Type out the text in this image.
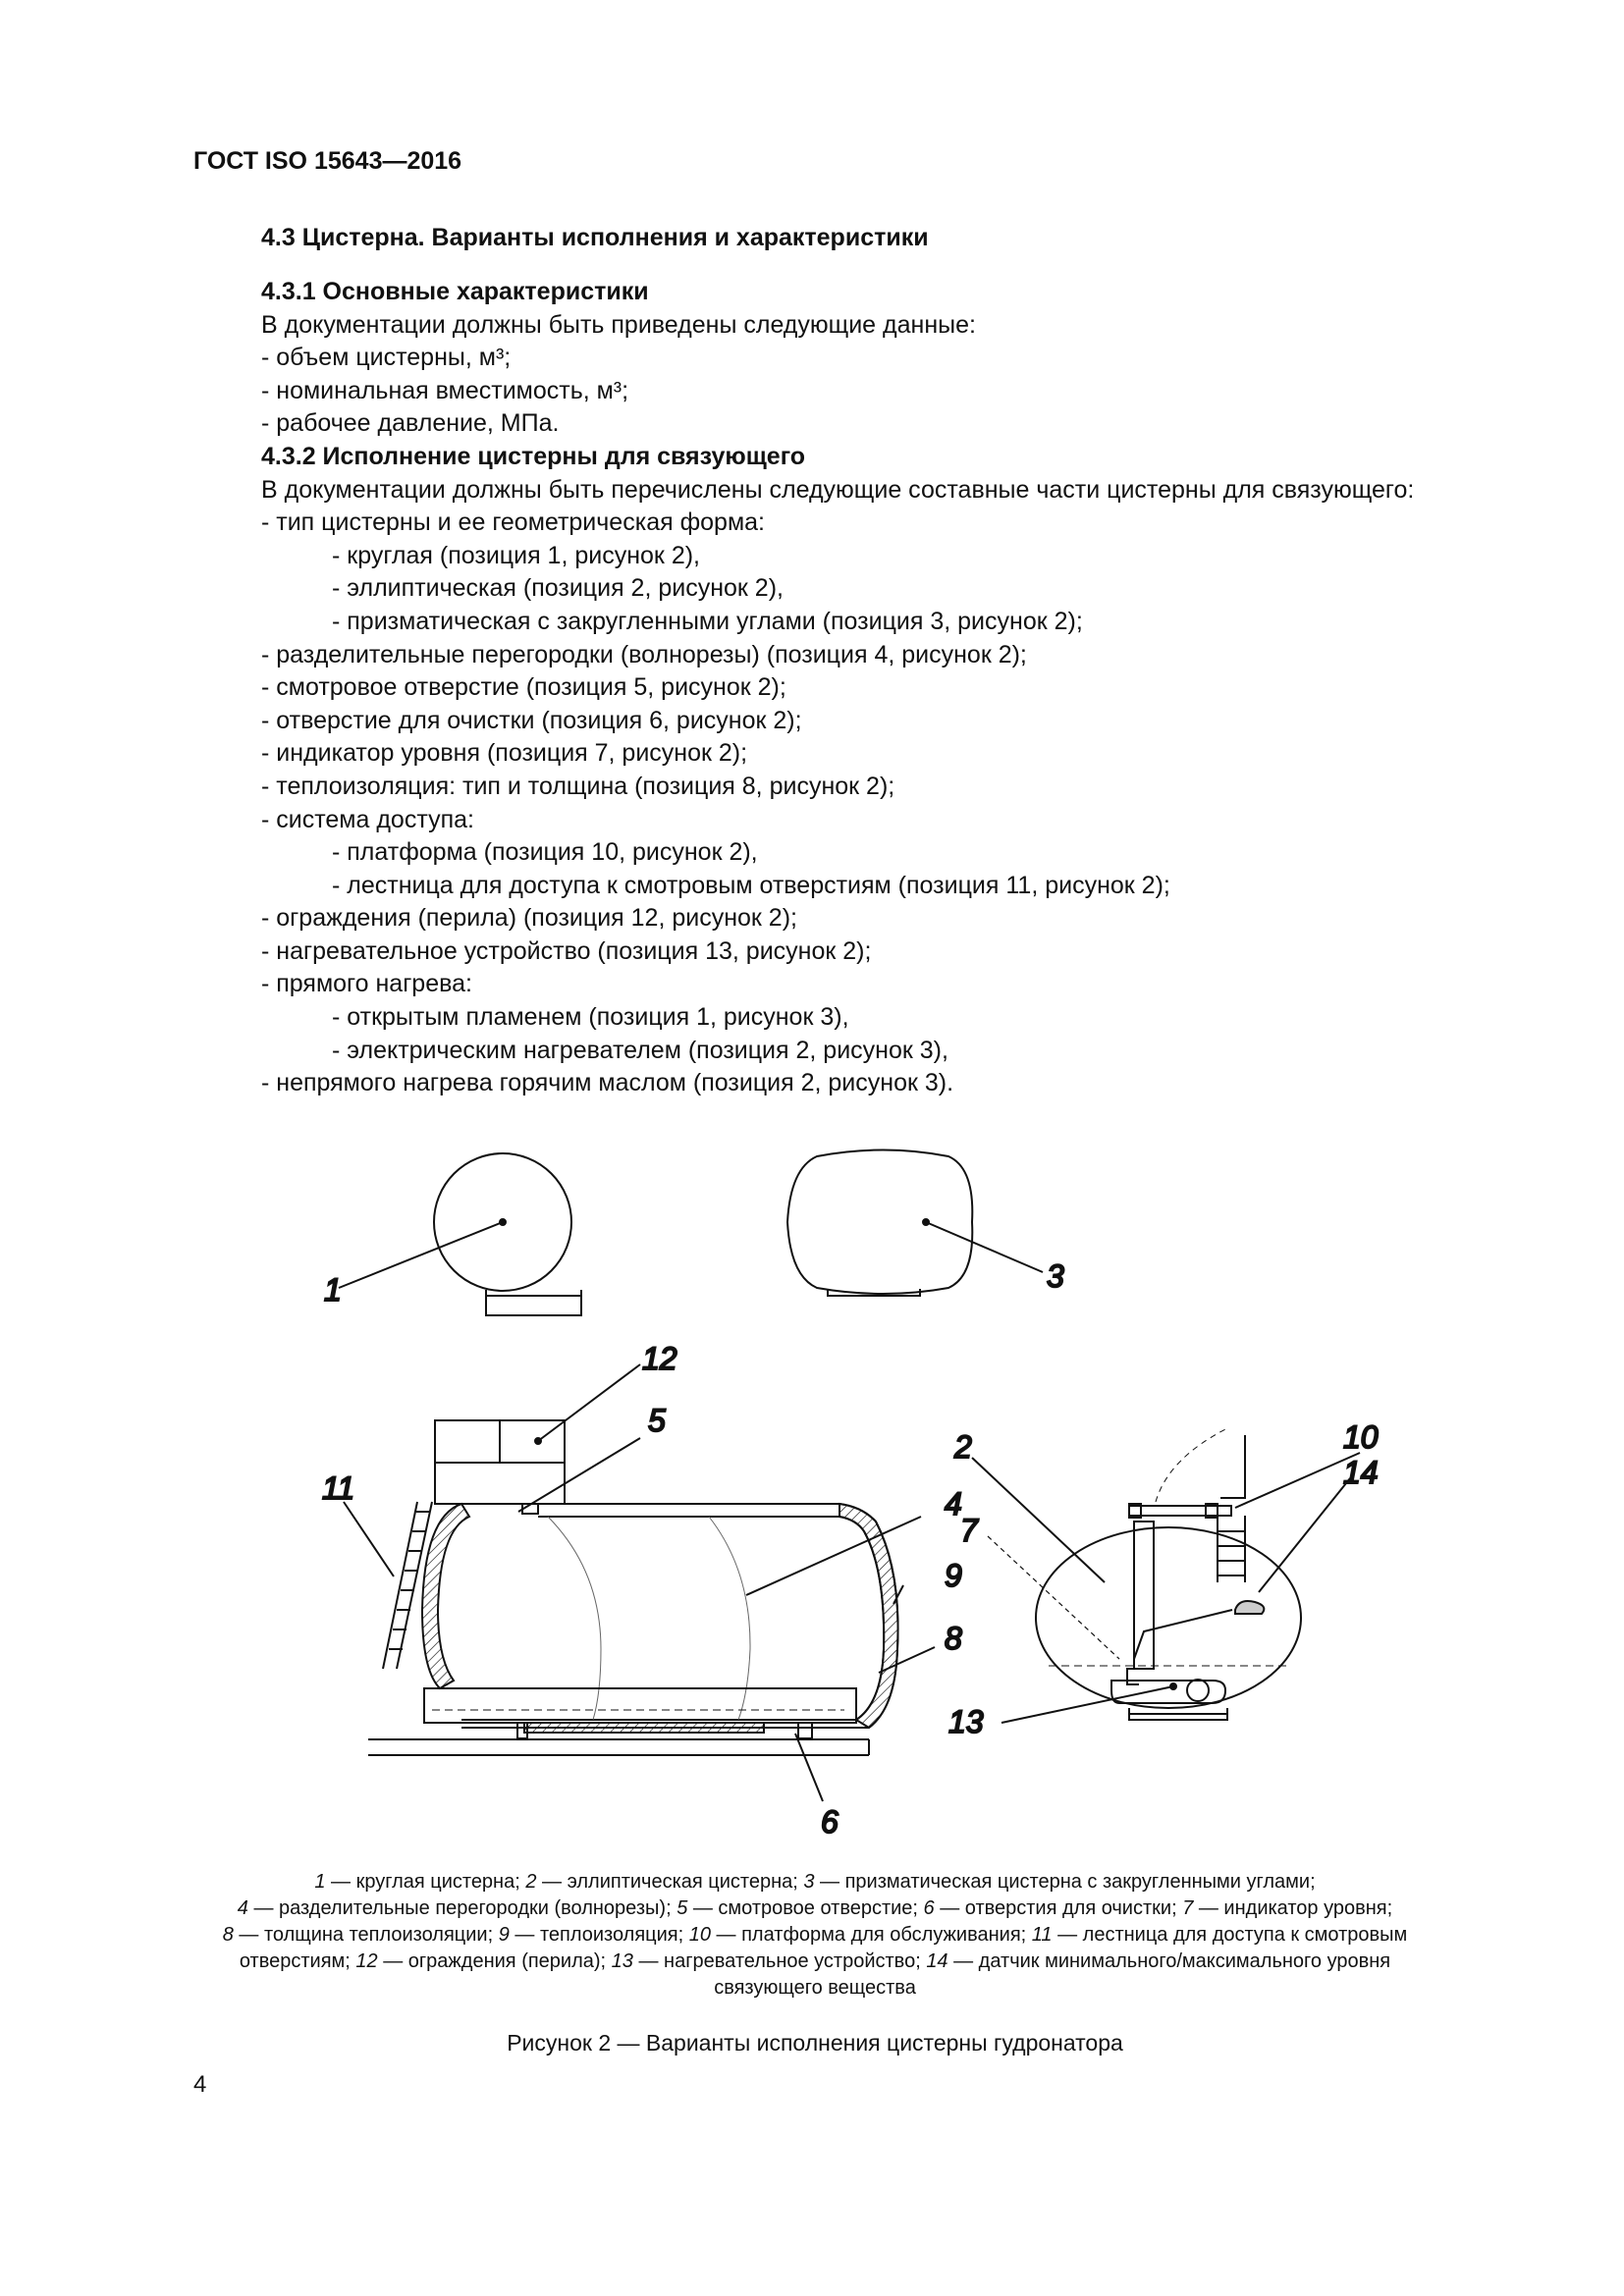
ГОСТ ISO 15643—2016
4.3 Цистерна. Варианты исполнения и характеристики
4.3.1 Основные характеристики
В документации должны быть приведены следующие данные:
- объем цистерны, м³;
- номинальная вместимость, м³;
- рабочее давление, МПа.
4.3.2 Исполнение цистерны для связующего
В документации должны быть перечислены следующие составные части цистерны для связующего:
- тип цистерны и ее геометрическая форма:
- круглая (позиция 1, рисунок 2),
- эллиптическая (позиция 2, рисунок 2),
- призматическая с закругленными углами (позиция 3, рисунок 2);
- разделительные перегородки (волнорезы) (позиция 4, рисунок 2);
- смотровое отверстие (позиция 5, рисунок 2);
- отверстие для очистки (позиция 6, рисунок 2);
- индикатор уровня (позиция 7, рисунок 2);
- теплоизоляция: тип и толщина (позиция 8, рисунок 2);
- система доступа:
- платформа (позиция 10, рисунок 2),
- лестница для доступа к смотровым отверстиям (позиция 11, рисунок 2);
- ограждения (перила) (позиция 12, рисунок 2);
- нагревательное устройство (позиция 13, рисунок 2);
- прямого нагрева:
- открытым пламенем (позиция 1, рисунок 3),
- электрическим нагревателем (позиция 2, рисунок 3),
- непрямого нагрева горячим маслом (позиция 2, рисунок 3).
1	3
12
5
11	4
9
8
6
2	10
14
7
13
1 — круглая цистерна; 2 — эллиптическая цистерна; 3 — призматическая цистерна с закругленными углами;
4 — разделительные перегородки (волнорезы); 5 — смотровое отверстие; 6 — отверстия для очистки; 7 — индикатор уровня;
8 — толщина теплоизоляции; 9 — теплоизоляция; 10 — платформа для обслуживания; 11 — лестница для доступа к смотровым
отверстиям; 12 — ограждения (перила); 13 — нагревательное устройство; 14 — датчик минимального/максимального уровня
связующего вещества
Рисунок 2 — Варианты исполнения цистерны гудронатора
4
